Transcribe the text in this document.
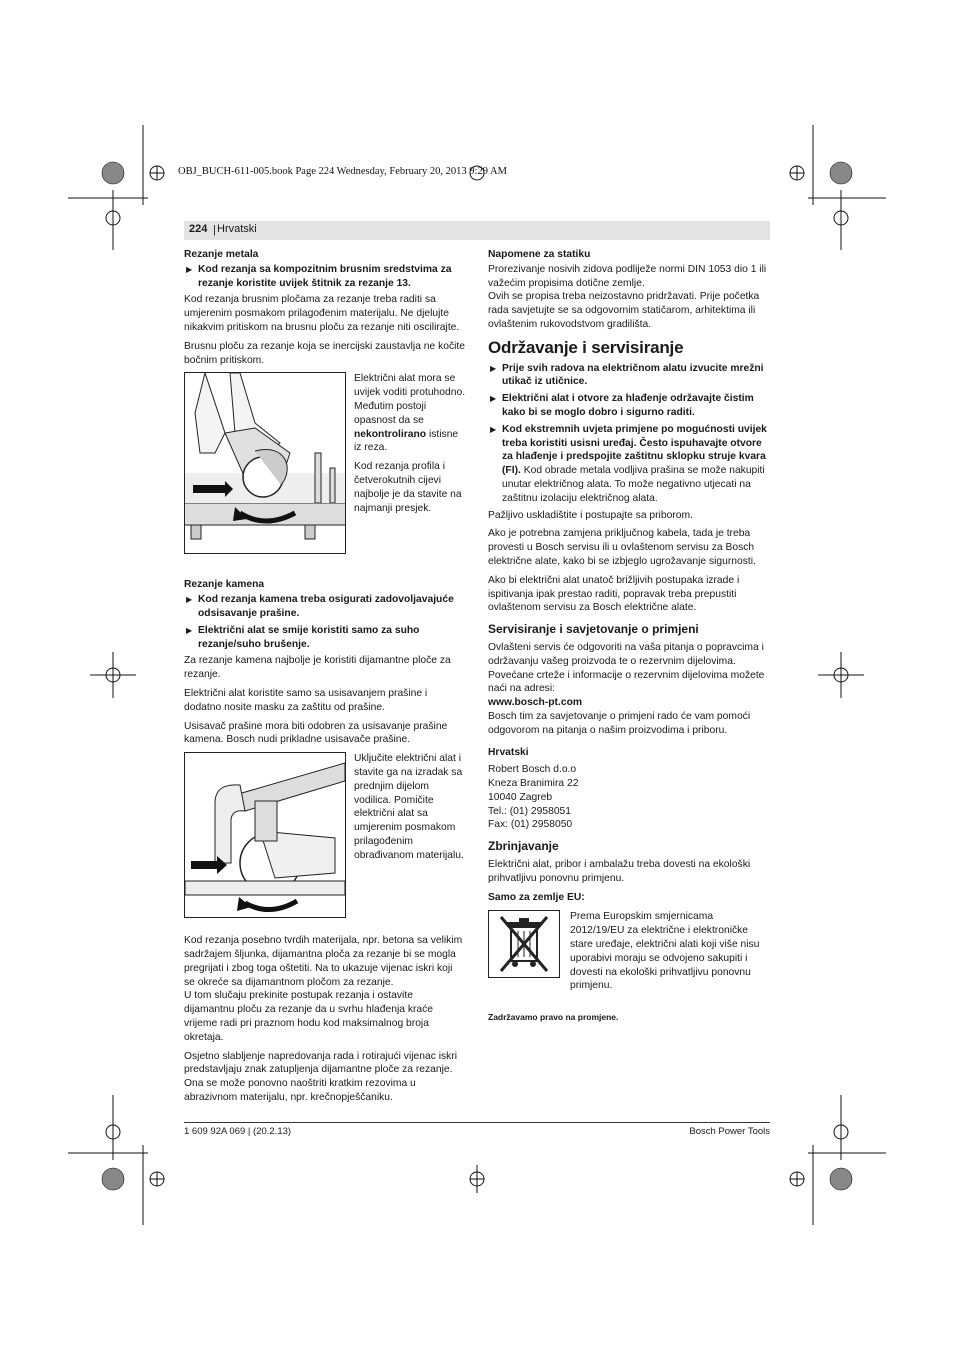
OBJ_BUCH-611-005.book Page 224 Wednesday, February 20, 2013 9:29 AM
224 | Hrvatski

Rezanje metala

▶ Kod rezanja sa kompozitnim brusnim sredstvima za rezanje koristite uvijek štitnik za rezanje 13.

Kod rezanja brusnim pločama za rezanje treba raditi sa umjerenim posmakom prilagođenim materijalu. Ne djelujte nikakvim pritiskom na brusnu ploču za rezanje niti oscilirajte.

Brusnu ploču za rezanje koja se inercijski zaustavlja ne kočite bočnim pritiskom.

Električni alat mora se uvijek voditi protuhodno. Međutim postoji opasnost da se nekontrolirano istisne iz reza.

Kod rezanja profila i četverokutnih cijevi najbolje je da stavite na najmanji presjek.

Rezanje kamena

▶ Kod rezanja kamena treba osigurati zadovoljavajuće odsisavanje prašine.

▶ Električni alat se smije koristiti samo za suho rezanje/suho brušenje.

Za rezanje kamena najbolje je koristiti dijamantne ploče za rezanje.

Električni alat koristite samo sa usisavanjem prašine i dodatno nosite masku za zaštitu od prašine.

Usisavač prašine mora biti odobren za usisavanje prašine kamena. Bosch nudi prikladne usisavače prašine.

Uključite električni alat i stavite ga na izradak sa prednjim dijelom vodilica. Pomičite električni alat sa umjerenim posmakom prilagođenim obrađivanom materijalu.

Kod rezanja posebno tvrdih materijala, npr. betona sa velikim sadržajem šljunka, dijamantna ploča za rezanje bi se mogla pregrijati i zbog toga oštetiti. Na to ukazuje vijenac iskri koji se okreće sa dijamantnom pločom za rezanje.

U tom slučaju prekinite postupak rezanja i ostavite dijamantnu ploču za rezanje da u svrhu hlađenja kraće vrijeme radi pri praznom hodu kod maksimalnog broja okretaja.

Osjetno slabljenje napredovanja rada i rotirajući vijenac iskri predstavljaju znak zatupljenja dijamantne ploče za rezanje. Ona se može ponovno naoštriti kratkim rezovima u abrazivnom materijalu, npr. krečnopješčaniku.

Napomene za statiku

Prorezivanje nosivih zidova podliježe normi DIN 1053 dio 1 ili važećim propisima dotične zemlje.

Ovih se propisa treba neizostavno pridržavati. Prije početka rada savjetujte se sa odgovornim statičarom, arhitektima ili ovlaštenim rukovodstvom gradilišta.

Održavanje i servisiranje

▶ Prije svih radova na električnom alatu izvucite mrežni utikač iz utičnice.

▶ Električni alat i otvore za hlađenje održavajte čistim kako bi se moglo dobro i sigurno raditi.

▶ Kod ekstremnih uvjeta primjene po mogućnosti uvijek treba koristiti usisni uređaj. Često ispuhavajte otvore za hlađenje i predspojite zaštitnu sklopku struje kvara (FI). Kod obrade metala vodljiva prašina se može nakupiti unutar električnog alata. To može negativno utjecati na zaštitnu izolaciju električnog alata.

Pažljivo uskladištite i postupajte sa priborom.

Ako je potrebna zamjena priključnog kabela, tada je treba provesti u Bosch servisu ili u ovlaštenom servisu za Bosch električne alate, kako bi se izbjeglo ugrožavanje sigurnosti.

Ako bi električni alat unatoč brižljivih postupaka izrade i ispitivanja ipak prestao raditi, popravak treba prepustiti ovlaštenom servisu za Bosch električne alate.

Servisiranje i savjetovanje o primjeni

Ovlašteni servis će odgovoriti na vaša pitanja o popravcima i održavanju vašeg proizvoda te o rezervnim dijelovima. Povećane crteže i informacije o rezervnim dijelovima možete naći na adresi:

www.bosch-pt.com

Bosch tim za savjetovanje o primjeni rado će vam pomoći odgovorom na pitanja o našim proizvodima i priboru.

Hrvatski

Robert Bosch d.o.o
Kneza Branimira 22
10040 Zagreb
Tel.: (01) 2958051
Fax: (01) 2958050

Zbrinjavanje

Električni alat, pribor i ambalažu treba dovesti na ekološki prihvatljivu ponovnu primjenu.

Samo za zemlje EU:

Prema Europskim smjernicama 2012/19/EU za električne i elektroničke stare uređaje, električni alati koji više nisu uporabivi moraju se odvojeno sakupiti i dovesti na ekološki prihvatljivu ponovnu primjenu.

Zadržavamo pravo na promjene.

1 609 92A 069 | (20.2.13)	Bosch Power Tools
